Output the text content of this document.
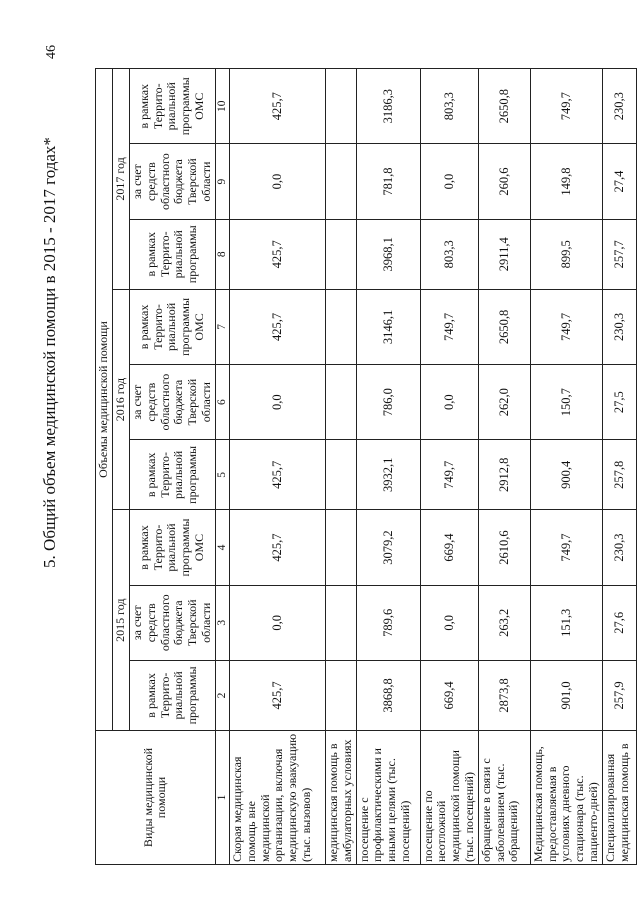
46
5. Общий объем медицинской помощи в 2015 - 2017 годах*
Виды медицинской помощи	Объемы медицинской помощи								
	2015 год			2016 год			2017 год		
	в рамках Террито-риальной программы	за счет средств областного бюджета Тверской области	в рамках Террито-риальной программы ОМС	в рамках Террито-риальной программы	за счет средств областного бюджета Тверской области	в рамках Террито-риальной программы ОМС	в рамках Террито-риальной программы	за счет средств областного бюджета Тверской области	в рамках Террито-риальной программы ОМС
1	2	3	4	5	6	7	8	9	10
Скорая медицинская помощь вне медицинской организации, включая медицинскую эвакуацию (тыс. вызовов)	425,7	0,0	425,7	425,7	0,0	425,7	425,7	0,0	425,7
медицинская помощь в амбулаторных условиях									
посещение с профилактическими и иными целями (тыс. посещений)	3868,8	789,6	3079,2	3932,1	786,0	3146,1	3968,1	781,8	3186,3
посещение по неотложной медицинской помощи (тыс. посещений)	669,4	0,0	669,4	749,7	0,0	749,7	803,3	0,0	803,3
обращение в связи с заболеванием (тыс. обращений)	2873,8	263,2	2610,6	2912,8	262,0	2650,8	2911,4	260,6	2650,8
Медицинская помощь, предоставляемая в условиях дневного стационара (тыс. пациенто-дней)	901,0	151,3	749,7	900,4	150,7	749,7	899,5	149,8	749,7
Специализированная медицинская помощь в	257,9	27,6	230,3	257,8	27,5	230,3	257,7	27,4	230,3
